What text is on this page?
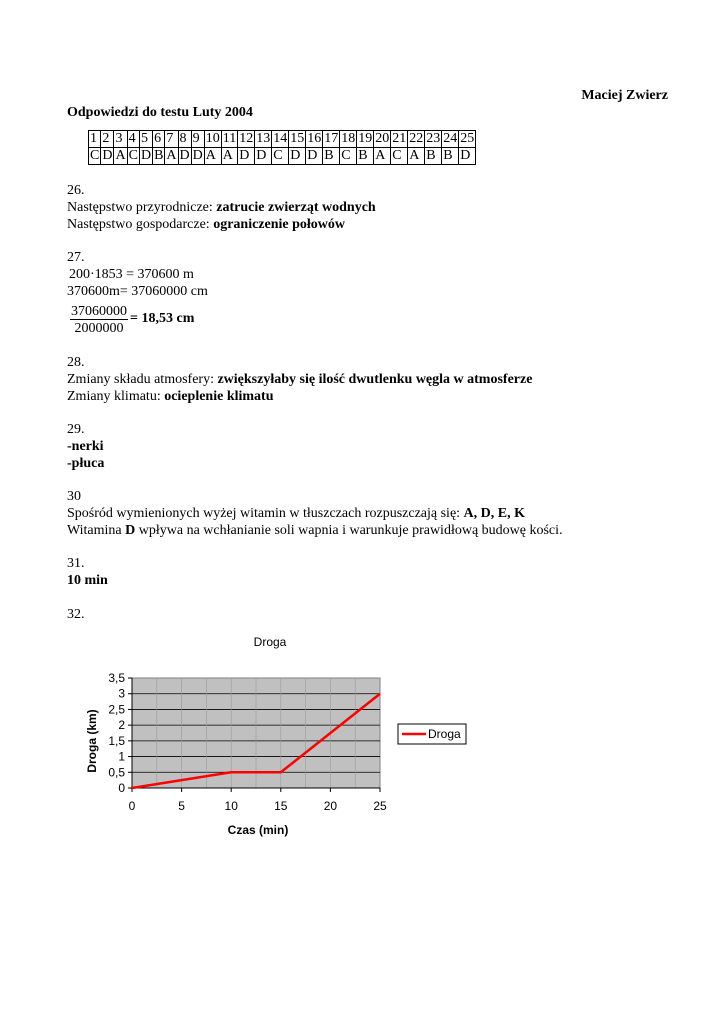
Maciej Zwierz
Odpowiedzi do testu Luty 2004
1	2	3	4	5	6	7	8	9	10	11	12	13	14	15	16	17	18	19	20	21	22	23	24	25
C	D	A	C	D	B	A	D	D	A	A	D	D	C	D	D	B	C	B	A	C	A	B	B	D

26.

Następstwo przyrodnicze: zatrucie zwierząt wodnych

Następstwo gospodarcze: ograniczenie połowów

27.

200·1853 = 370600 m

370600m= 37060000 cm

37060000
2000000
= 18,53 cm

28.

Zmiany składu atmosfery: zwiększyłaby się ilość dwutlenku węgla w atmosferze

Zmiany klimatu: ocieplenie klimatu

29.

-nerki

-płuca

30

Spośród wymienionych wyżej witamin w tłuszczach rozpuszczają się: A, D, E, K

Witamina D wpływa na wchłanianie soli wapnia i warunkuje prawidłową budowę kości.

31.

10 min

32.

Droga
0
0,5
1
1,5
2
2,5
3
3,5
0	5	10	15	20	25
Czas (min)
Droga (km)	Droga
